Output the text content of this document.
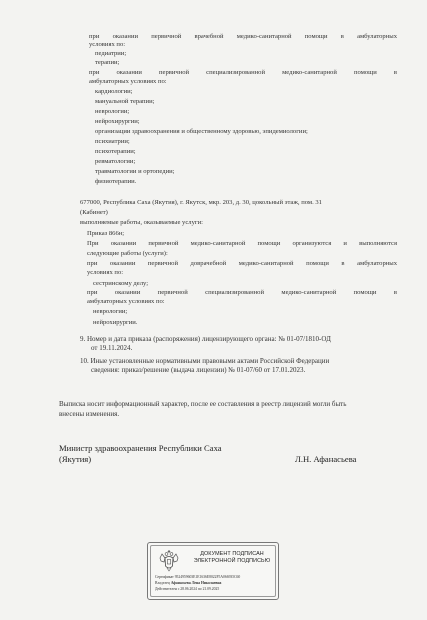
при оказании первичной врачебной медико-санитарной помощи в амбулаторных
условиях по:
педиатрии;
терапии;
при оказании первичной специализированной медико-санитарной помощи в
амбулаторных условиях по:
кардиологии;
мануальной терапии;
неврологии;
нейрохирургии;
организации здравоохранения и общественному здоровью, эпидемиологии;
психиатрии;
психотерапии;
ревматологии;
травматологии и ортопедии;
физиотерапии.
677000, Республика Саха (Якутия), г. Якутск, мкр. 203, д. 30, цокольный этаж, пом. 31
(Кабинет)
выполняемые работы, оказываемые услуги:
Приказ 866н;
При оказании первичной медико-санитарной помощи организуются и выполняются
следующие работы (услуги):
при оказании первичной доврачебной медико-санитарной помощи в амбулаторных
условиях по:
сестринскому делу;
при оказании первичной специализированной медико-санитарной помощи в
амбулаторных условиях по:
неврологии;
нейрохирургии.
9. Номер и дата приказа (распоряжения) лицензирующего органа: № 01-07/1810-ОД
от 19.11.2024.
10. Иные установленные нормативными правовыми актами Российской Федерации
сведения: приказ/решение (выдача лицензии) № 01-07/60 от 17.01.2023.
Выписка носит информационный характер, после ее составления в реестр лицензий могли быть
внесены изменения.
Министр здравоохранения Республики Саха
(Якутия)	Л.Н. Афанасьева
ДОКУМЕНТ ПОДПИСАН
ЭЛЕКТРОННОЙ ПОДПИСЬЮ
Сертификат 9524959603E1E1636E8022F5A066935C60
Владелец Афанасьева Лена Николаевна
Действителен с 28.06.2024 по 21.09.2025
